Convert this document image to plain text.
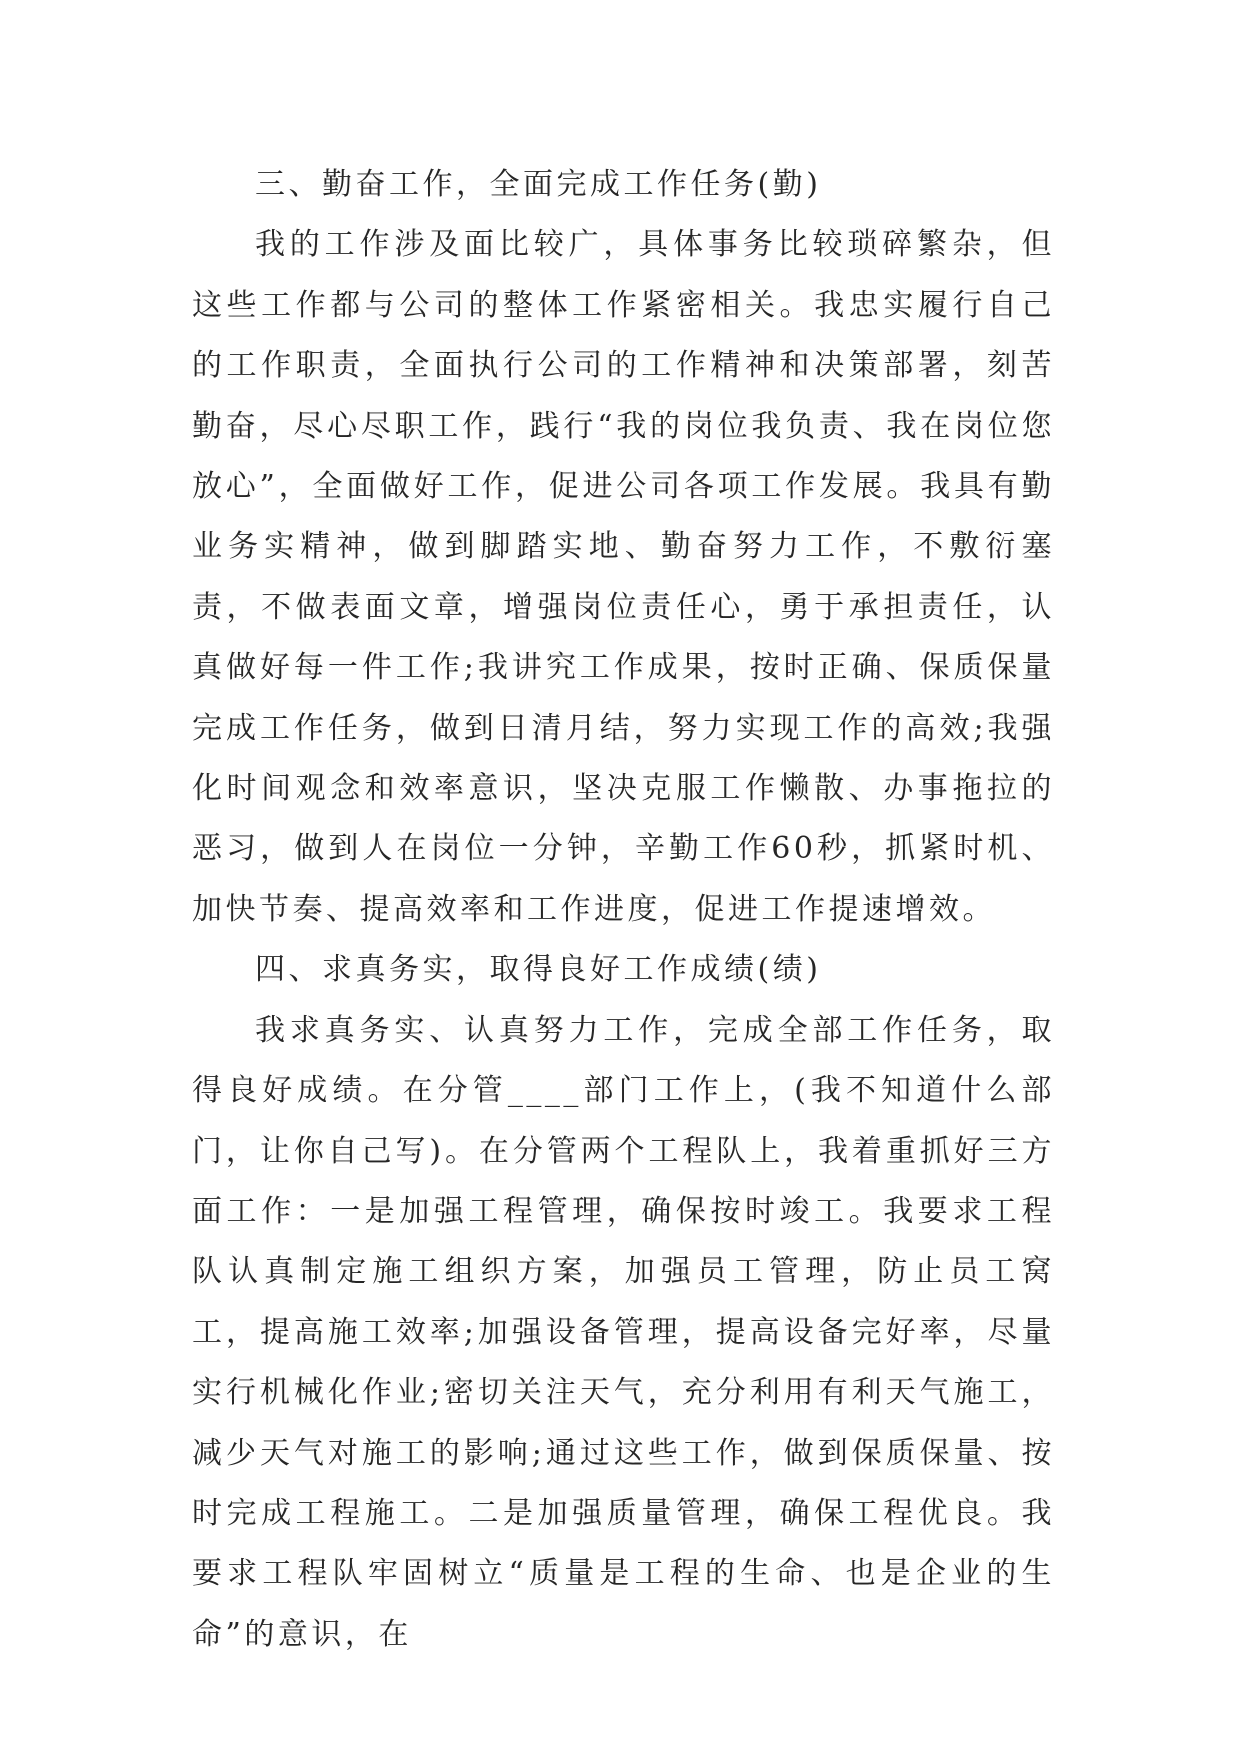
三、勤奋工作，全面完成工作任务(勤)

我的工作涉及面比较广，具体事务比较琐碎繁杂，但这些工作都与公司的整体工作紧密相关。我忠实履行自己的工作职责，全面执行公司的工作精神和决策部署，刻苦勤奋，尽心尽职工作，践行“我的岗位我负责、我在岗位您放心”，全面做好工作，促进公司各项工作发展。我具有勤业务实精神，做到脚踏实地、勤奋努力工作，不敷衍塞责，不做表面文章，增强岗位责任心，勇于承担责任，认真做好每一件工作;我讲究工作成果，按时正确、保质保量完成工作任务，做到日清月结，努力实现工作的高效;我强化时间观念和效率意识，坚决克服工作懒散、办事拖拉的恶习，做到人在岗位一分钟，辛勤工作60秒，抓紧时机、加快节奏、提高效率和工作进度，促进工作提速增效。

四、求真务实，取得良好工作成绩(绩)

我求真务实、认真努力工作，完成全部工作任务，取得良好成绩。在分管____部门工作上，(我不知道什么部门，让你自己写)。在分管两个工程队上，我着重抓好三方面工作：一是加强工程管理，确保按时竣工。我要求工程队认真制定施工组织方案，加强员工管理，防止员工窝工，提高施工效率;加强设备管理，提高设备完好率，尽量实行机械化作业;密切关注天气，充分利用有利天气施工，减少天气对施工的影响;通过这些工作，做到保质保量、按时完成工程施工。二是加强质量管理，确保工程优良。我要求工程队牢固树立“质量是工程的生命、也是企业的生命”的意识，在
